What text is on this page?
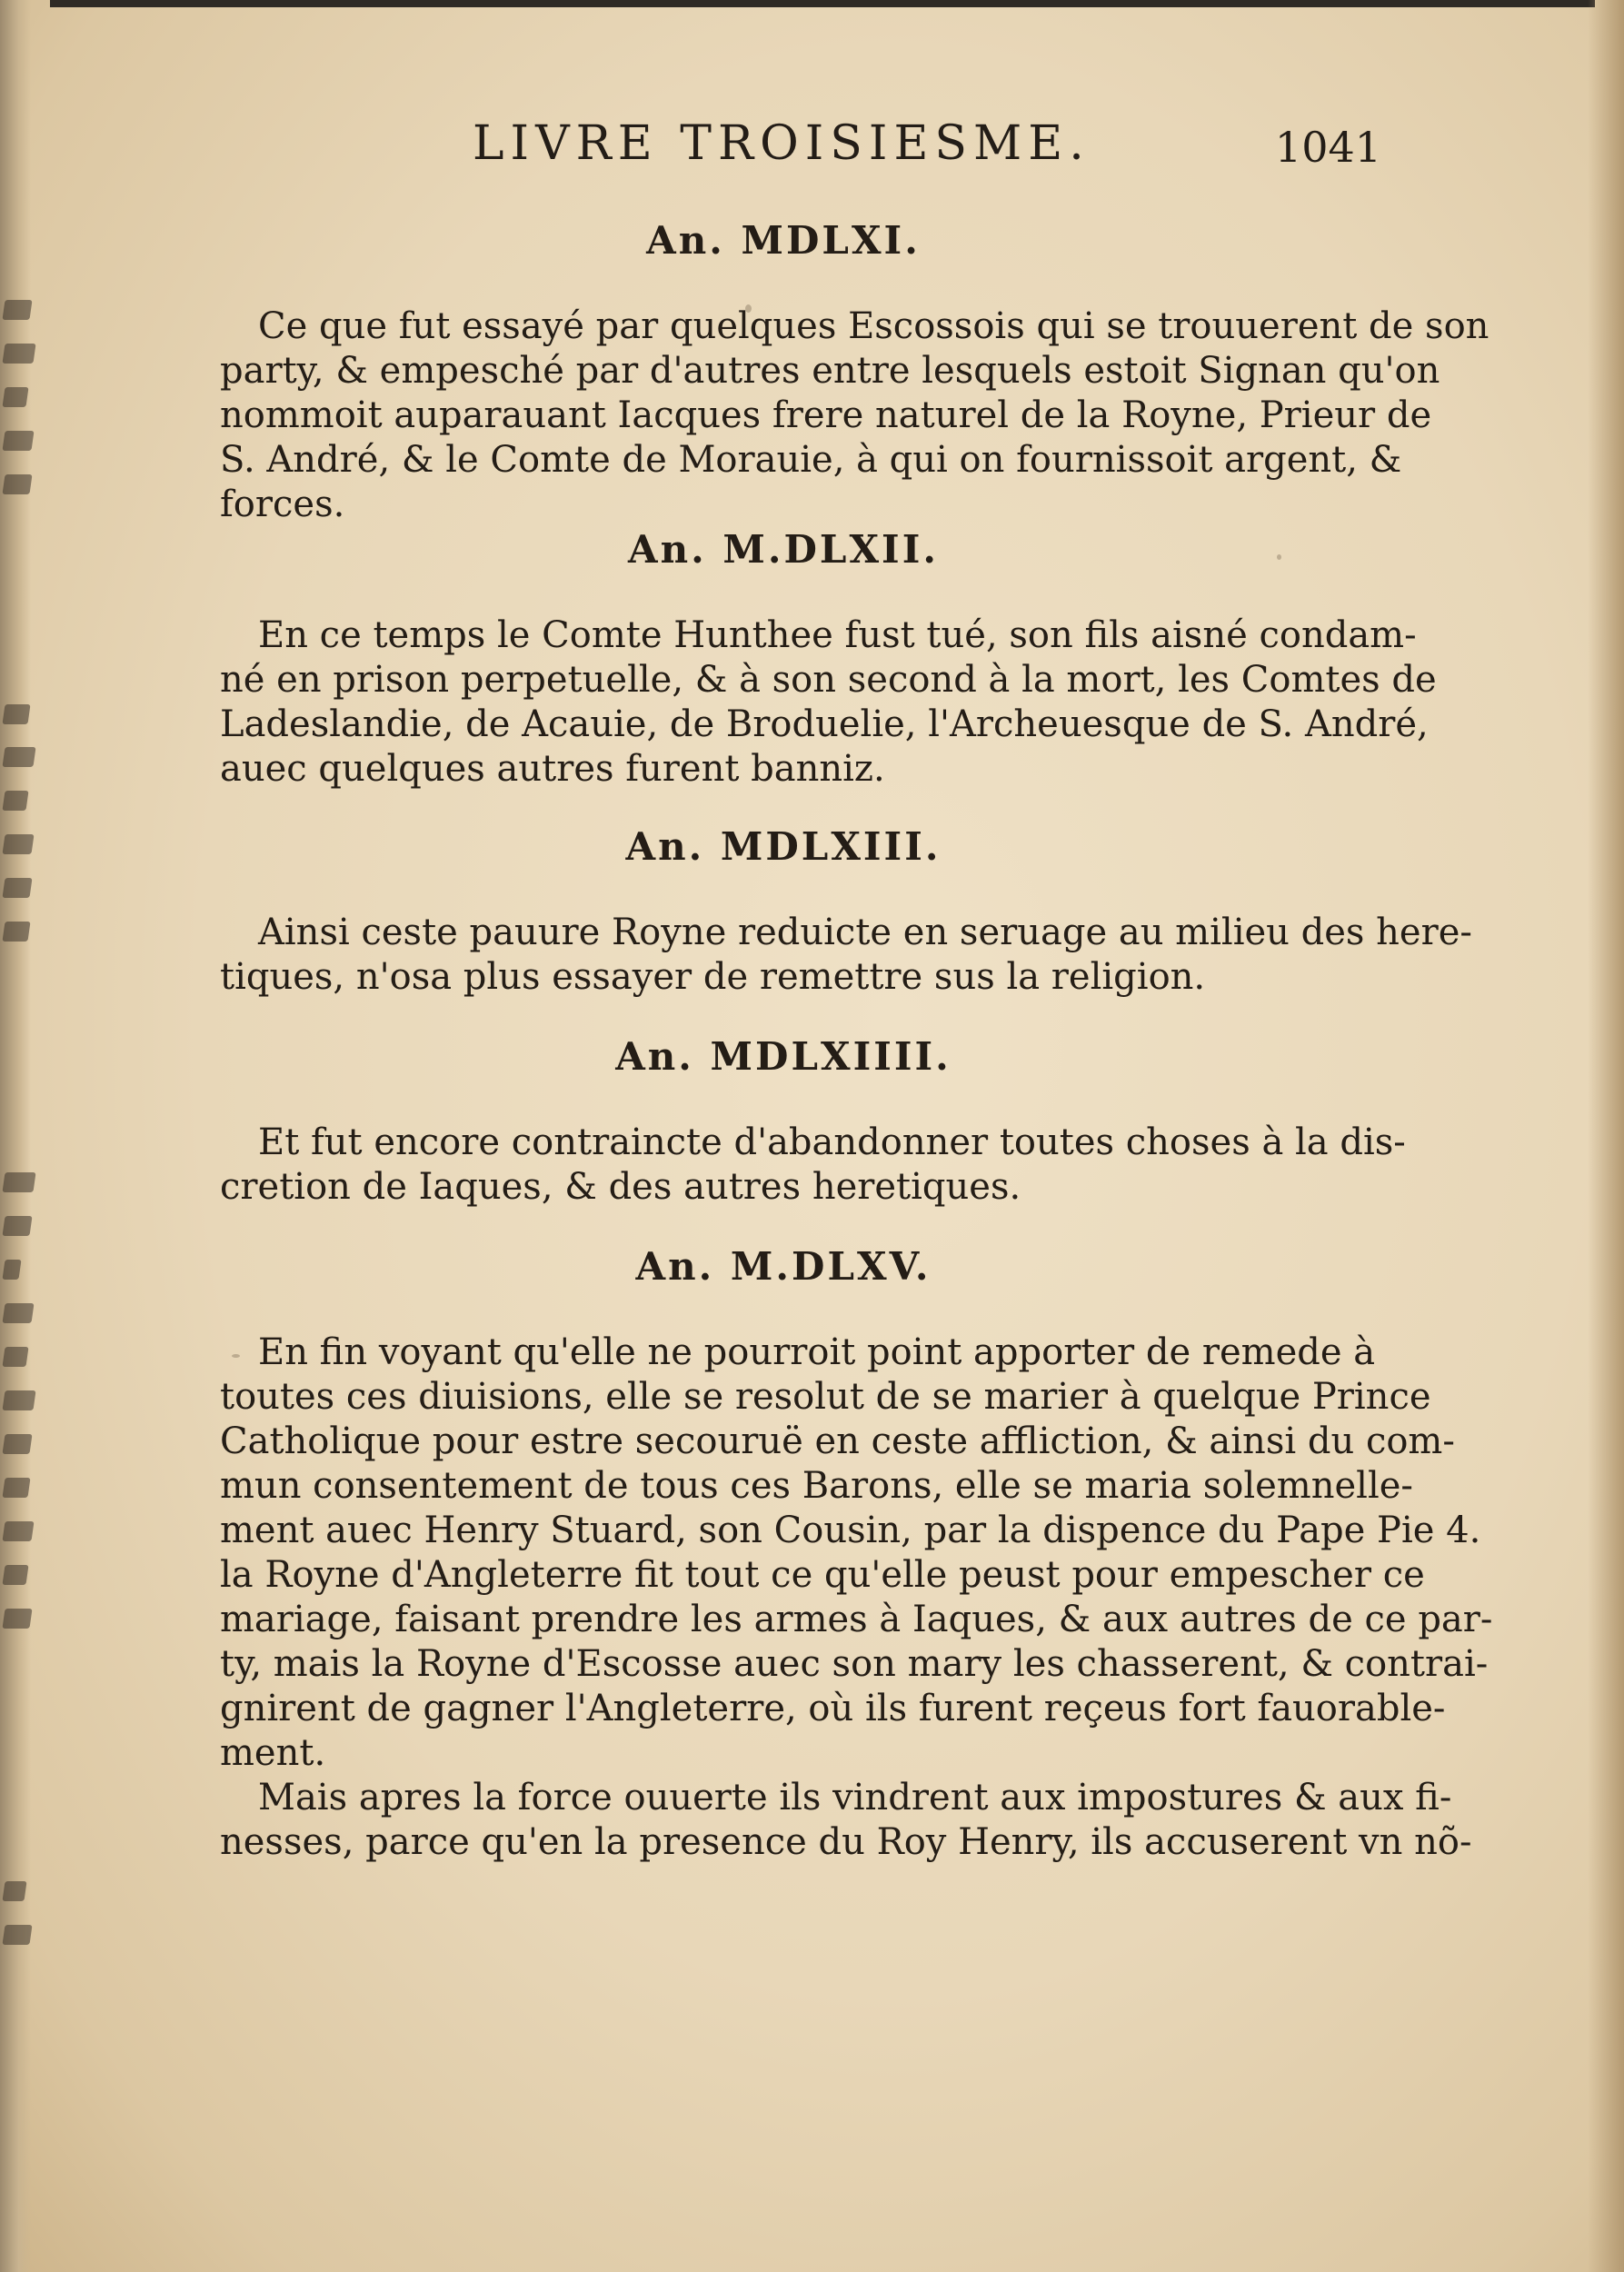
LIVRE TROISIESME.	1041
An. MDLXI.

Ce que fut essayé par quelques Escossois qui se trouuerent de son
party, & empesché par d'autres entre lesquels estoit Signan qu'on
nommoit auparauant Iacques frere naturel de la Royne, Prieur de
S. André, & le Comte de Morauie, à qui on fournissoit argent, &
forces.

An. M.DLXII.

En ce temps le Comte Hunthee fust tué, son fils aisné condam-
né en prison perpetuelle, & à son second à la mort, les Comtes de
Ladeslandie, de Acauie, de Broduelie, l'Archeuesque de S. André,
auec quelques autres furent banniz.

An. MDLXIII.

Ainsi ceste pauure Royne reduicte en seruage au milieu des here-
tiques, n'osa plus essayer de remettre sus la religion.

An. MDLXIIII.

Et fut encore contraincte d'abandonner toutes choses à la dis-
cretion de Iaques, & des autres heretiques.

An. M.DLXV.

En fin voyant qu'elle ne pourroit point apporter de remede à
toutes ces diuisions, elle se resolut de se marier à quelque Prince
Catholique pour estre secouruë en ceste affliction, & ainsi du com-
mun consentement de tous ces Barons, elle se maria solemnelle-
ment auec Henry Stuard, son Cousin, par la dispence du Pape Pie 4.
la Royne d'Angleterre fit tout ce qu'elle peust pour empescher ce
mariage, faisant prendre les armes à Iaques, & aux autres de ce par-
ty, mais la Royne d'Escosse auec son mary les chasserent, & contrai-
gnirent de gagner l'Angleterre, où ils furent reçeus fort fauorable-
ment.
Mais apres la force ouuerte ils vindrent aux impostures & aux fi-
nesses, parce qu'en la presence du Roy Henry, ils accuserent vn nõ-
